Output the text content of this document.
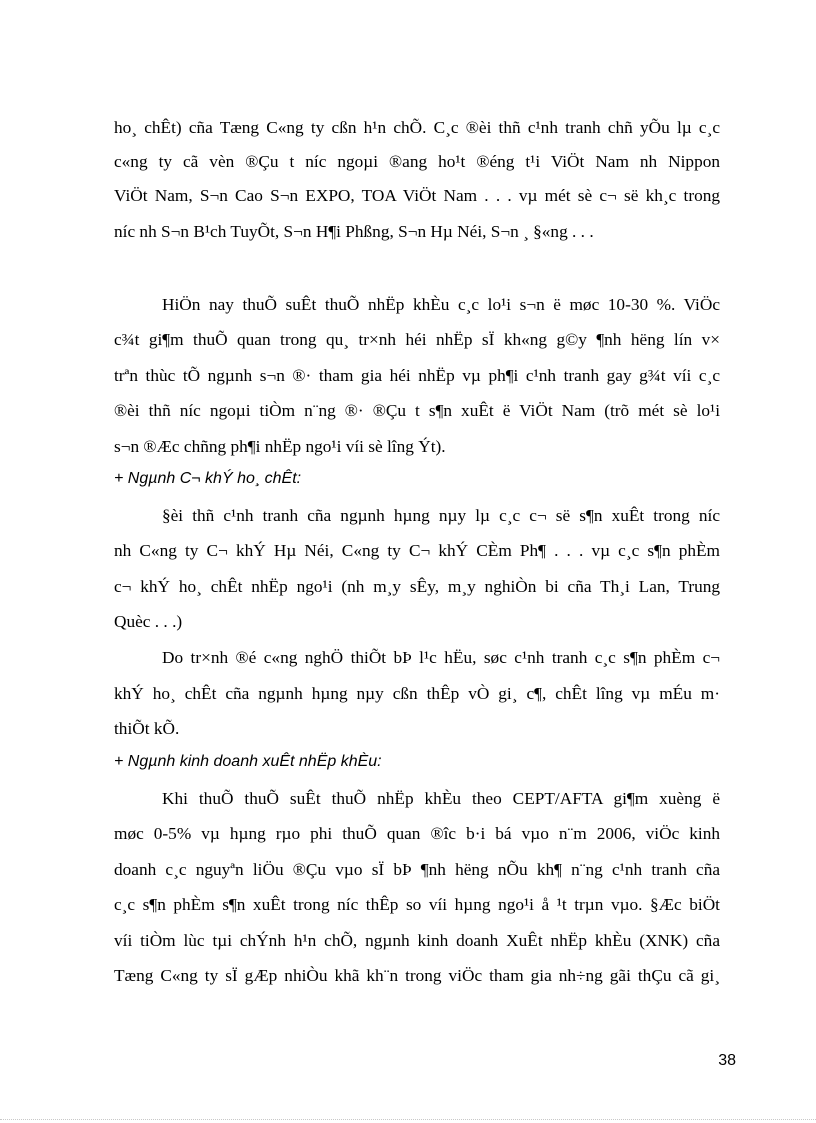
ho¸ chÊt) cña Tæng C«ng ty cßn h¹n chÕ. C¸c ®èi thñ c¹nh tranh chñ yÕu lµ c¸c
c«ng ty cã vèn ®Çu t níc ngoµi ®ang ho¹t ®éng t¹i ViÖt Nam nh Nippon
ViÖt Nam, S¬n Cao S¬n EXPO, TOA ViÖt Nam . . . vµ mét sè c¬ së kh¸c trong
níc nh S¬n B¹ch TuyÕt, S¬n H¶i Phßng, S¬n Hµ Néi, S¬n ¸ §«ng . . .
HiÖn nay thuÕ suÊt thuÕ nhËp khÈu c¸c lo¹i s¬n ë møc 10-30 %. ViÖc
c¾t gi¶m thuÕ quan trong qu¸ tr×nh héi nhËp sÏ kh«ng g©y ¶nh hëng lín v×
trªn thùc tÕ ngµnh s¬n ®· tham gia héi nhËp vµ ph¶i c¹nh tranh gay g¾t víi c¸c
®èi thñ níc ngoµi tiÒm n¨ng ®· ®Çu t s¶n xuÊt ë ViÖt Nam (trõ mét sè lo¹i
s¬n ®Æc chñng ph¶i nhËp ngo¹i víi sè lîng Ýt).
+ Ngµnh C¬ khÝ ho¸ chÊt:
§èi thñ c¹nh tranh cña ngµnh hµng nµy lµ c¸c c¬ së s¶n xuÊt trong níc
nh C«ng ty C¬ khÝ Hµ Néi, C«ng ty C¬ khÝ CÈm Ph¶ . . . vµ c¸c s¶n phÈm
c¬ khÝ ho¸ chÊt nhËp ngo¹i (nh m¸y sÊy, m¸y nghiÒn bi cña Th¸i Lan, Trung
Quèc . . .)
Do tr×nh ®é c«ng nghÖ thiÕt bÞ l¹c hËu, søc c¹nh tranh c¸c s¶n phÈm c¬
khÝ ho¸ chÊt cña ngµnh hµng nµy cßn thÊp vÒ gi¸ c¶, chÊt lîng vµ mÉu m·
thiÕt kÕ.
+ Ngµnh kinh doanh xuÊt nhËp khÈu:
Khi thuÕ thuÕ suÊt thuÕ nhËp khÈu theo CEPT/AFTA gi¶m xuèng ë
møc 0-5% vµ hµng rµo phi thuÕ quan ®îc b·i bá vµo n¨m 2006, viÖc kinh
doanh c¸c nguyªn liÖu ®Çu vµo sÏ bÞ ¶nh hëng nÕu kh¶ n¨ng c¹nh tranh cña
c¸c s¶n phÈm s¶n xuÊt trong níc thÊp so víi hµng ngo¹i å ¹t trµn vµo. §Æc biÖt
víi tiÒm lùc tµi chÝnh h¹n chÕ, ngµnh kinh doanh XuÊt nhËp khÈu (XNK) cña
Tæng C«ng ty sÏ gÆp nhiÒu khã kh¨n trong viÖc tham gia nh÷ng gãi thÇu cã gi¸
38
